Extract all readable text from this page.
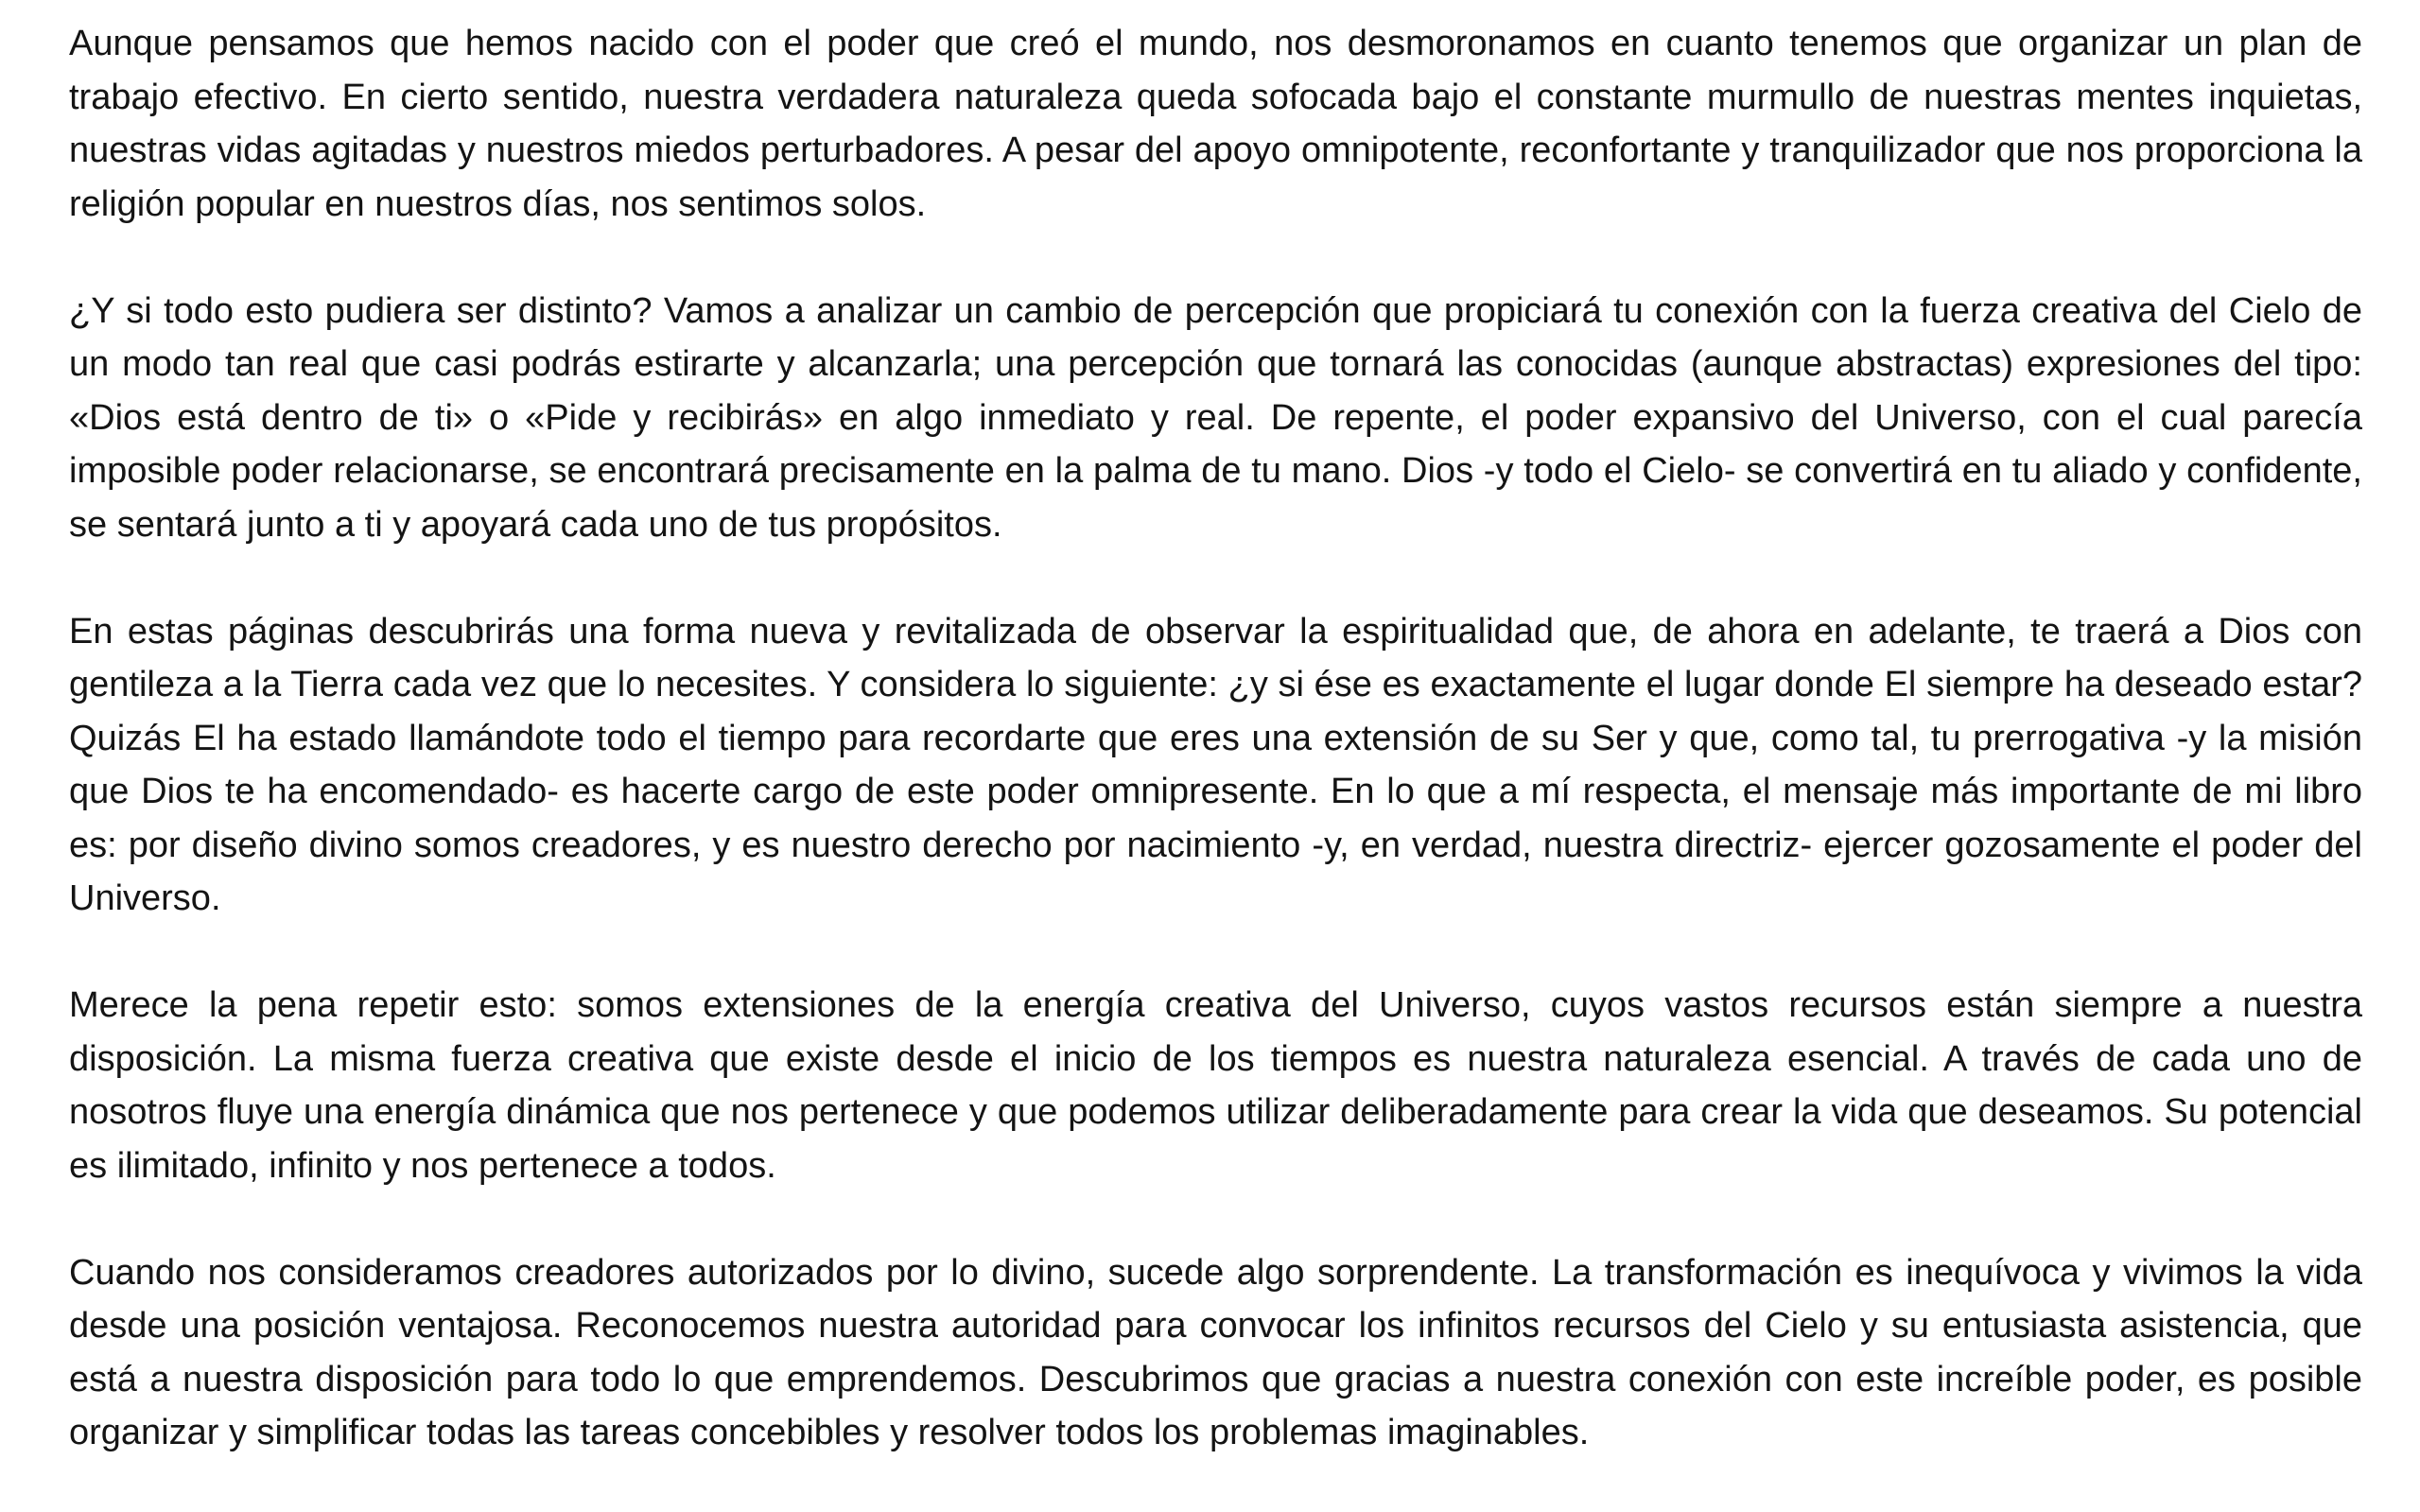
Aunque pensamos que hemos nacido con el poder que creó el mundo, nos desmoronamos en cuanto tenemos que organizar un plan de trabajo efectivo. En cierto sentido, nuestra verdadera naturaleza queda sofocada bajo el constante murmullo de nuestras mentes inquietas, nuestras vidas agitadas y nuestros miedos perturbadores. A pesar del apoyo omnipotente, reconfortante y tranquilizador que nos proporciona la religión popular en nuestros días, nos sentimos solos.

¿Y si todo esto pudiera ser distinto? Vamos a analizar un cambio de percepción que propiciará tu conexión con la fuerza creativa del Cielo de un modo tan real que casi podrás estirarte y alcanzarla; una percepción que tornará las conocidas (aunque abstractas) expresiones del tipo: «Dios está dentro de ti» o «Pide y recibirás» en algo inmediato y real. De repente, el poder expansivo del Universo, con el cual parecía imposible poder relacionarse, se encontrará precisamente en la palma de tu mano. Dios -y todo el Cielo- se convertirá en tu aliado y confidente, se sentará junto a ti y apoyará cada uno de tus propósitos.

En estas páginas descubrirás una forma nueva y revitalizada de observar la espiritualidad que, de ahora en adelante, te traerá a Dios con gentileza a la Tierra cada vez que lo necesites. Y considera lo siguiente: ¿y si ése es exactamente el lugar donde El siempre ha deseado estar? Quizás El ha estado llamándote todo el tiempo para recordarte que eres una extensión de su Ser y que, como tal, tu prerrogativa -y la misión que Dios te ha encomendado- es hacerte cargo de este poder omnipresente. En lo que a mí respecta, el mensaje más importante de mi libro es: por diseño divino somos creadores, y es nuestro derecho por nacimiento -y, en verdad, nuestra directriz- ejercer gozosamente el poder del Universo.

Merece la pena repetir esto: somos extensiones de la energía creativa del Universo, cuyos vastos recursos están siempre a nuestra disposición. La misma fuerza creativa que existe desde el inicio de los tiempos es nuestra naturaleza esencial. A través de cada uno de nosotros fluye una energía dinámica que nos pertenece y que podemos utilizar deliberadamente para crear la vida que deseamos. Su potencial es ilimitado, infinito y nos pertenece a todos.

Cuando nos consideramos creadores autorizados por lo divino, sucede algo sorprendente. La transformación es inequívoca y vivimos la vida desde una posición ventajosa. Reconocemos nuestra autoridad para convocar los infinitos recursos del Cielo y su entusiasta asistencia, que está a nuestra disposición para todo lo que emprendemos. Descubrimos que gracias a nuestra conexión con este increíble poder, es posible organizar y simplificar todas las tareas concebibles y resolver todos los problemas imaginables.
